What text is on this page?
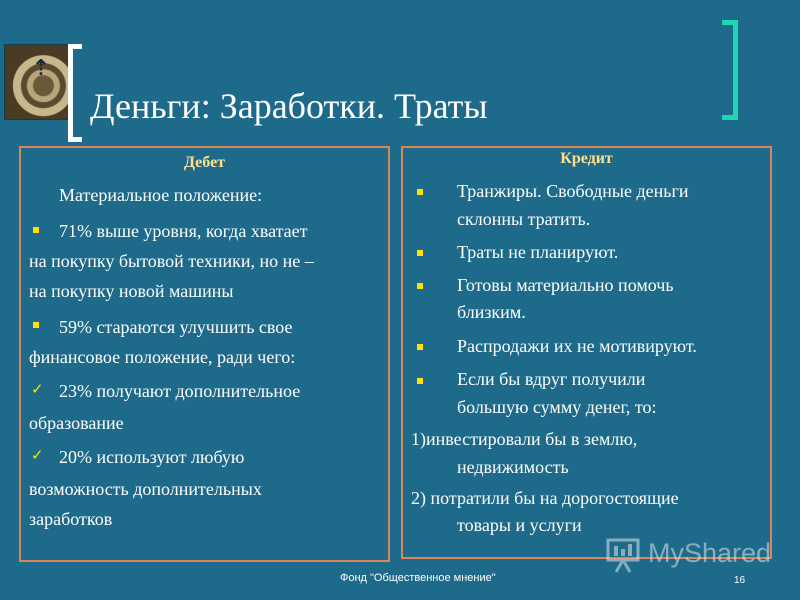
⇡
Деньги: Заработки. Траты
Дебет
Материальное положение:
71% выше уровня, когда хватает
на покупку бытовой техники, но не –
на покупку новой машины
59% стараются улучшить свое
финансовое положение, ради чего:
✓ 23% получают дополнительное
образование
✓ 20% используют любую
возможность дополнительных
заработков
Кредит
Транжиры. Свободные деньги
склонны тратить.
Траты не планируют.
Готовы материально помочь
близким.
Распродажи их не мотивируют.
Если бы вдруг получили
большую сумму денег, то:
1)инвестировали бы в землю,
недвижимость
2) потратили бы на дорогостоящие
товары и услуги
MyShared
Фонд "Общественное мнение"	16
